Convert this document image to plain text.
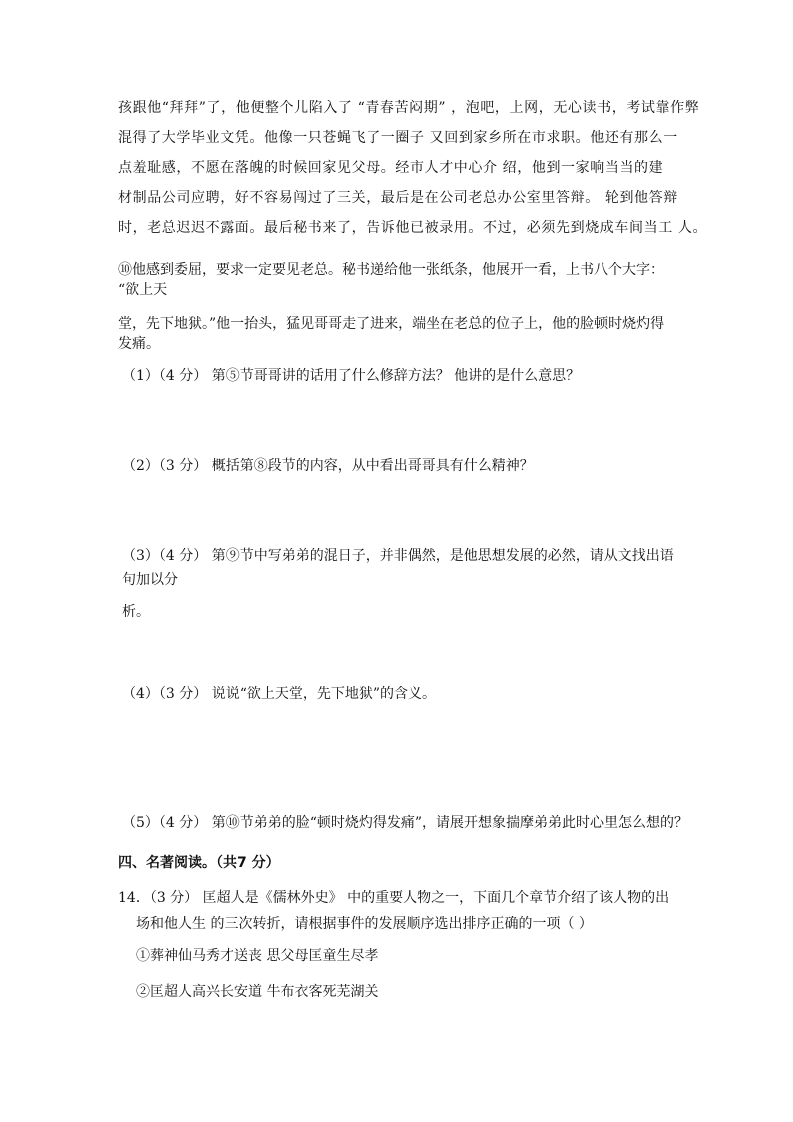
孩跟他“拜拜”了，他便整个儿陷入了 “青春苦闷期” ，泡吧，上网，无心读书，考试靠作弊
混得了大学毕业文凭。他像一只苍蝇飞了一圈子 又回到家乡所在市求职。他还有那么一
点羞耻感，不愿在落魄的时候回家见父母。经市人才中心介 绍，他到一家响当当的建
材制品公司应聘，好不容易闯过了三关，最后是在公司老总办公室里答辩。 轮到他答辩
时，老总迟迟不露面。最后秘书来了，告诉他已被录用。不过，必须先到烧成车间当工 人。
⑩他感到委屈，要求一定要见老总。秘书递给他一张纸条，他展开一看，上书八个大字：
“欲上天
堂，先下地狱。”他一抬头，猛见哥哥走了进来，端坐在老总的位子上，他的脸顿时烧灼得
发痛。
（1）（4 分） 第⑤节哥哥讲的话用了什么修辞方法？ 他讲的是什么意思？
（2）（3 分） 概括第⑧段节的内容，从中看出哥哥具有什么精神？
（3）（4 分） 第⑨节中写弟弟的混日子，并非偶然，是他思想发展的必然，请从文找出语
句加以分
析。
（4）（3 分） 说说“欲上天堂，先下地狱”的含义。
（5）（4 分） 第⑩节弟弟的脸“顿时烧灼得发痛”，请展开想象揣摩弟弟此时心里怎么想的？
四、名著阅读。（共7 分）
14．（3 分） 匡超人是《儒林外史》 中的重要人物之一，下面几个章节介绍了该人物的出
场和他人生 的三次转折，请根据事件的发展顺序选出排序正确的一项（ ）
①葬神仙马秀才送丧 思父母匡童生尽孝
②匡超人高兴长安道 牛布衣客死芜湖关
